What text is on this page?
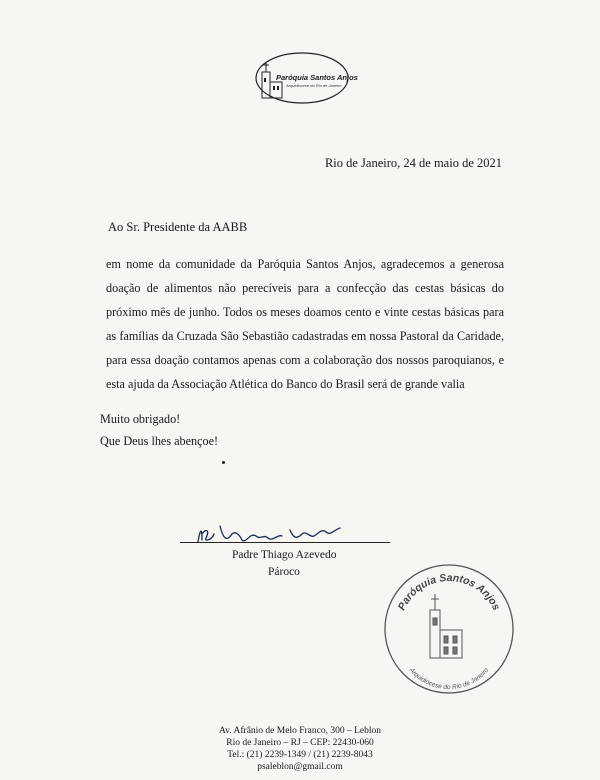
Paróquia Santos Anjos
Arquidiocese do Rio de Janeiro
Rio de Janeiro, 24 de maio de 2021
Ao Sr. Presidente da AABB
em nome da comunidade da Paróquia Santos Anjos, agradecemos a generosa doação de alimentos não perecíveis para a confecção das cestas básicas do próximo mês de junho. Todos os meses doamos cento e vinte cestas básicas para as famílias da Cruzada São Sebastião cadastradas em nossa Pastoral da Caridade, para essa doação contamos apenas com a colaboração dos nossos paroquianos, e esta ajuda da Associação Atlética do Banco do Brasil será de grande valia
Muito obrigado!
Que Deus lhes abençoe!
Padre Thiago Azevedo
Pároco
Paróquia Santos Anjos
Arquidiocese do Rio de Janeiro
Av. Afrânio de Melo Franco, 300 – Leblon
Rio de Janeiro – RJ – CEP: 22430-060
Tel.: (21) 2239-1349 / (21) 2239-8043
psaleblon@gmail.com
